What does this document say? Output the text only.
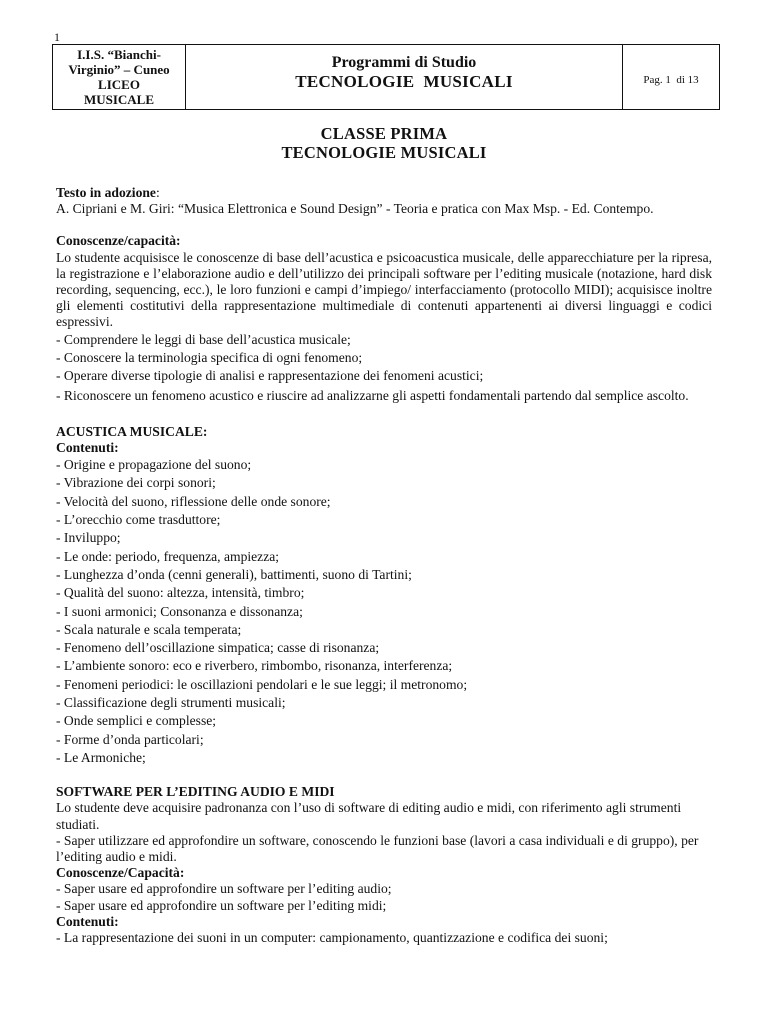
1
I.I.S. “Bianchi-
Virginio” – Cuneo
LICEO
MUSICALE
Programmi di Studio
TECNOLOGIE  MUSICALI	Pag. 1  di 13
CLASSE PRIMA
TECNOLOGIE MUSICALI

Testo in adozione:

A. Cipriani e M. Giri: “Musica Elettronica e Sound Design” - Teoria e pratica con Max Msp. - Ed. Contempo.

Conoscenze/capacità:

Lo studente acquisisce le conoscenze di base dell’acustica e psicoacustica musicale, delle apparecchiature per la ripresa, la registrazione e l’elaborazione audio e dell’utilizzo dei principali software per l’editing musicale (notazione, hard disk recording, sequencing, ecc.), le loro funzioni e campi d’impiego/ interfacciamento (protocollo MIDI); acquisisce inoltre gli elementi costitutivi della rappresentazione multimediale di contenuti appartenenti ai diversi linguaggi e codici espressivi.

- Comprendere le leggi di base dell’acustica musicale;

- Conoscere la terminologia specifica di ogni fenomeno;

- Operare diverse tipologie di analisi e rappresentazione dei fenomeni acustici;

- Riconoscere un fenomeno acustico e riuscire ad analizzarne gli aspetti fondamentali partendo dal semplice ascolto.

ACUSTICA MUSICALE:

Contenuti:

- Origine e propagazione del suono;

- Vibrazione dei corpi sonori;

- Velocità del suono, riflessione delle onde sonore;

- L’orecchio come trasduttore;

- Inviluppo;

- Le onde: periodo, frequenza, ampiezza;

- Lunghezza d’onda (cenni generali), battimenti, suono di Tartini;

- Qualità del suono: altezza, intensità, timbro;

- I suoni armonici; Consonanza e dissonanza;

- Scala naturale e scala temperata;

- Fenomeno dell’oscillazione simpatica; casse di risonanza;

- L’ambiente sonoro: eco e riverbero, rimbombo, risonanza, interferenza;

- Fenomeni periodici: le oscillazioni pendolari e le sue leggi; il metronomo;

- Classificazione degli strumenti musicali;

- Onde semplici e complesse;

- Forme d’onda particolari;

- Le Armoniche;

SOFTWARE PER L’EDITING AUDIO E MIDI

Lo studente deve acquisire padronanza con l’uso di software di editing audio e midi, con riferimento agli strumenti studiati.

- Saper utilizzare ed approfondire un software, conoscendo le funzioni base (lavori a casa individuali e di gruppo), per l’editing audio e midi.

Conoscenze/Capacità:

- Saper usare ed approfondire un software per l’editing audio;

- Saper usare ed approfondire un software per l’editing midi;

Contenuti:

- La rappresentazione dei suoni in un computer: campionamento, quantizzazione e codifica dei suoni;
